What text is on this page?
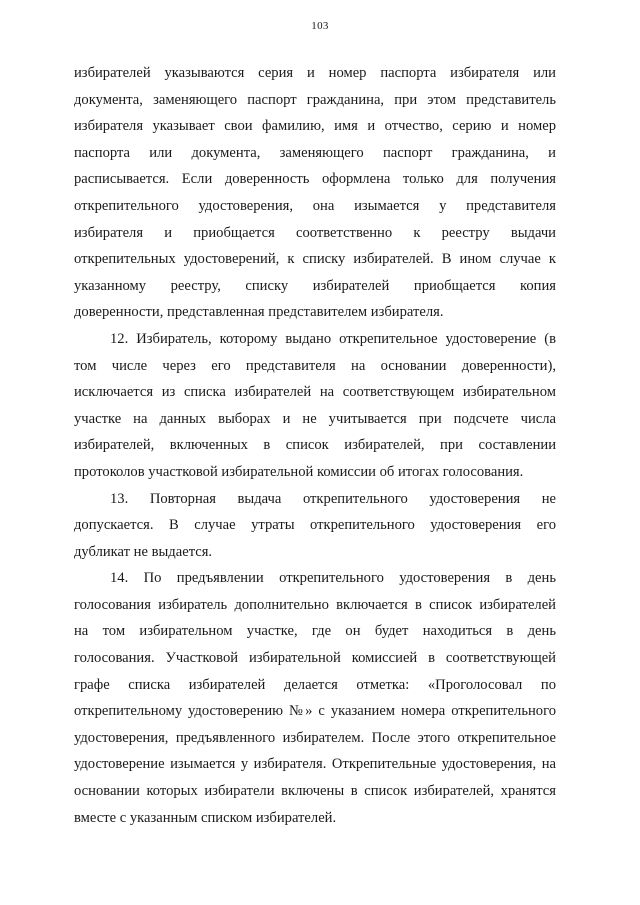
103
избирателей указываются серия и номер паспорта избирателя или
документа, заменяющего паспорт гражданина, при этом представитель
избирателя указывает свои фамилию, имя и отчество, серию и номер
паспорта или документа, заменяющего паспорт гражданина, и
расписывается. Если доверенность оформлена только для получения
открепительного удостоверения, она изымается у представителя
избирателя и приобщается соответственно к реестру выдачи
открепительных удостоверений, к списку избирателей. В ином случае к
указанному реестру, списку избирателей приобщается копия
доверенности, представленная представителем избирателя.
12. Избиратель, которому выдано открепительное удостоверение (в
том числе через его представителя на основании доверенности),
исключается из списка избирателей на соответствующем избирательном
участке на данных выборах и не учитывается при подсчете числа
избирателей, включенных в список избирателей, при составлении
протоколов участковой избирательной комиссии об итогах голосования.
13. Повторная выдача открепительного удостоверения не
допускается. В случае утраты открепительного удостоверения его
дубликат не выдается.
14. По предъявлении открепительного удостоверения в день
голосования избиратель дополнительно включается в список избирателей
на том избирательном участке, где он будет находиться в день
голосования. Участковой избирательной комиссией в соответствующей
графе списка избирателей делается отметка: «Проголосовал по
открепительному удостоверению №» с указанием номера открепительного
удостоверения, предъявленного избирателем. После этого открепительное
удостоверение изымается у избирателя. Открепительные удостоверения, на
основании которых избиратели включены в список избирателей, хранятся
вместе с указанным списком избирателей.
